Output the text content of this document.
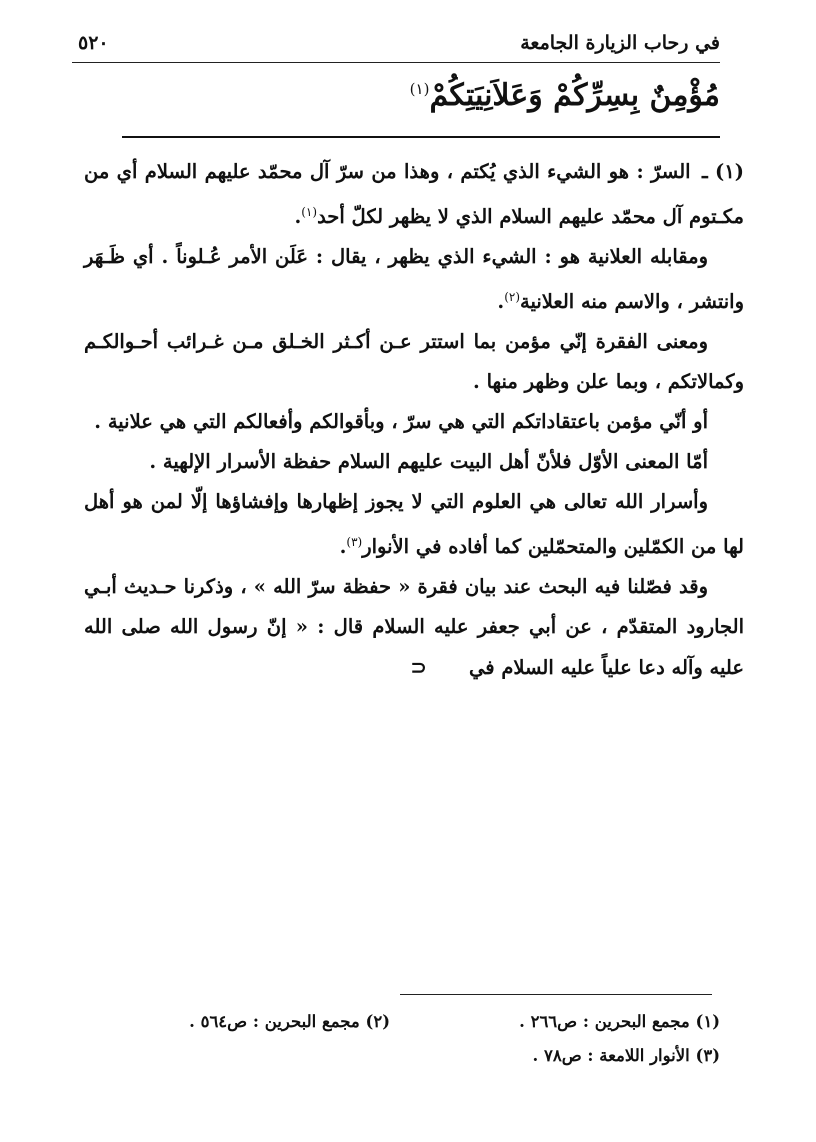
في رحاب الزيارة الجامعة
٥٢٠
مُؤْمِنٌ بِسِرِّكُمْ وَعَلاَنِيَتِكُمْ$^{(١)}$

(١) ـ السرّ : هو الشيء الذي يُكتم ، وهذا من سرّ آل محمّد عليهم السلام أي من مكـتوم آل محمّد عليهم السلام الذي لا يظهر لكلّ أحد$^{(١)}$.

ومقابله العلانية هو : الشيء الذي يظهر ، يقال : عَلَن الأمر عُـلوناً . أي ظَـهَر وانتشر ، والاسم منه العلانية$^{(٢)}$.

ومعنى الفقرة إنّي مؤمن بما استتر عـن أكـثر الخـلق مـن غـرائب أحـوالكـم وكمالاتكم ، وبما علن وظهر منها .

أو أنّي مؤمن باعتقاداتكم التي هي سرّ ، وبأقوالكم وأفعالكم التي هي علانية .

أمّا المعنى الأوّل فلأنّ أهل البيت عليهم السلام حفظة الأسرار الإلهية .

وأسرار الله تعالى هي العلوم التي لا يجوز إظهارها وإفشاؤها إلّا لمن هو أهل لها من الكمّلين والمتحمّلين كما أفاده في الأنوار$^{(٣)}$.

وقد فصّلنا فيه البحث عند بيان فقرة « حفظة سرّ الله » ، وذكرنا حـديث أبـي الجارود المتقدّم ، عن أبي جعفر عليه السلام قال : « إنّ رسول الله صلى الله عليه وآله دعا علياً عليه السلام في⊂

(١) مجمع البحرين : ص٢٦٦ .
(٢) مجمع البحرين : ص٥٦٤ .
(٣) الأنوار اللامعة : ص٧٨ .
